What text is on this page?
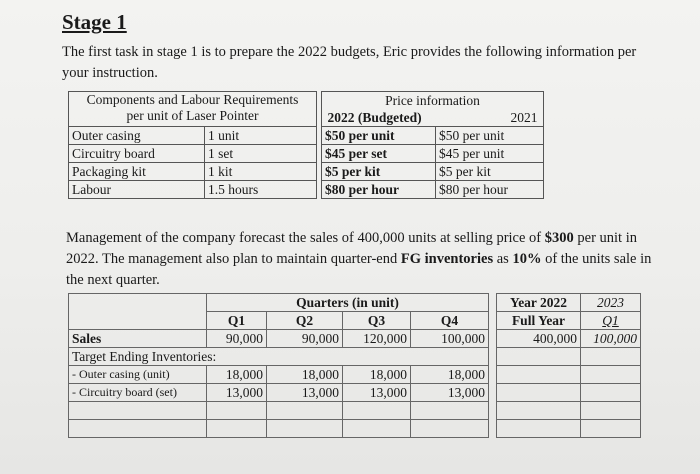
Stage 1
The first task in stage 1 is to prepare the 2022 budgets, Eric provides the following information per your instruction.
Components and Labour Requirements
per unit of Laser Pointer			Price information
2022 (Budgeted) 2021	
Outer casing	1 unit		$50 per unit	$50 per unit
Circuitry board	1 set		$45 per set	$45 per unit
Packaging kit	1 kit		$5 per kit	$5 per kit
Labour	1.5 hours		$80 per hour	$80 per hour
Management of the company forecast the sales of 400,000 units at selling price of $300 per unit in 2022. The management also plan to maintain quarter-end FG inventories as 10% of the units sale in the next quarter.
	Quarters (in unit)					Year 2022	2023
	Q1	Q2	Q3	Q4		Full Year	Q1
Sales	90,000	90,000	120,000	100,000		400,000	100,000
Target Ending Inventories:							
- Outer casing (unit)	18,000	18,000	18,000	18,000			
- Circuitry board (set)	13,000	13,000	13,000	13,000			
